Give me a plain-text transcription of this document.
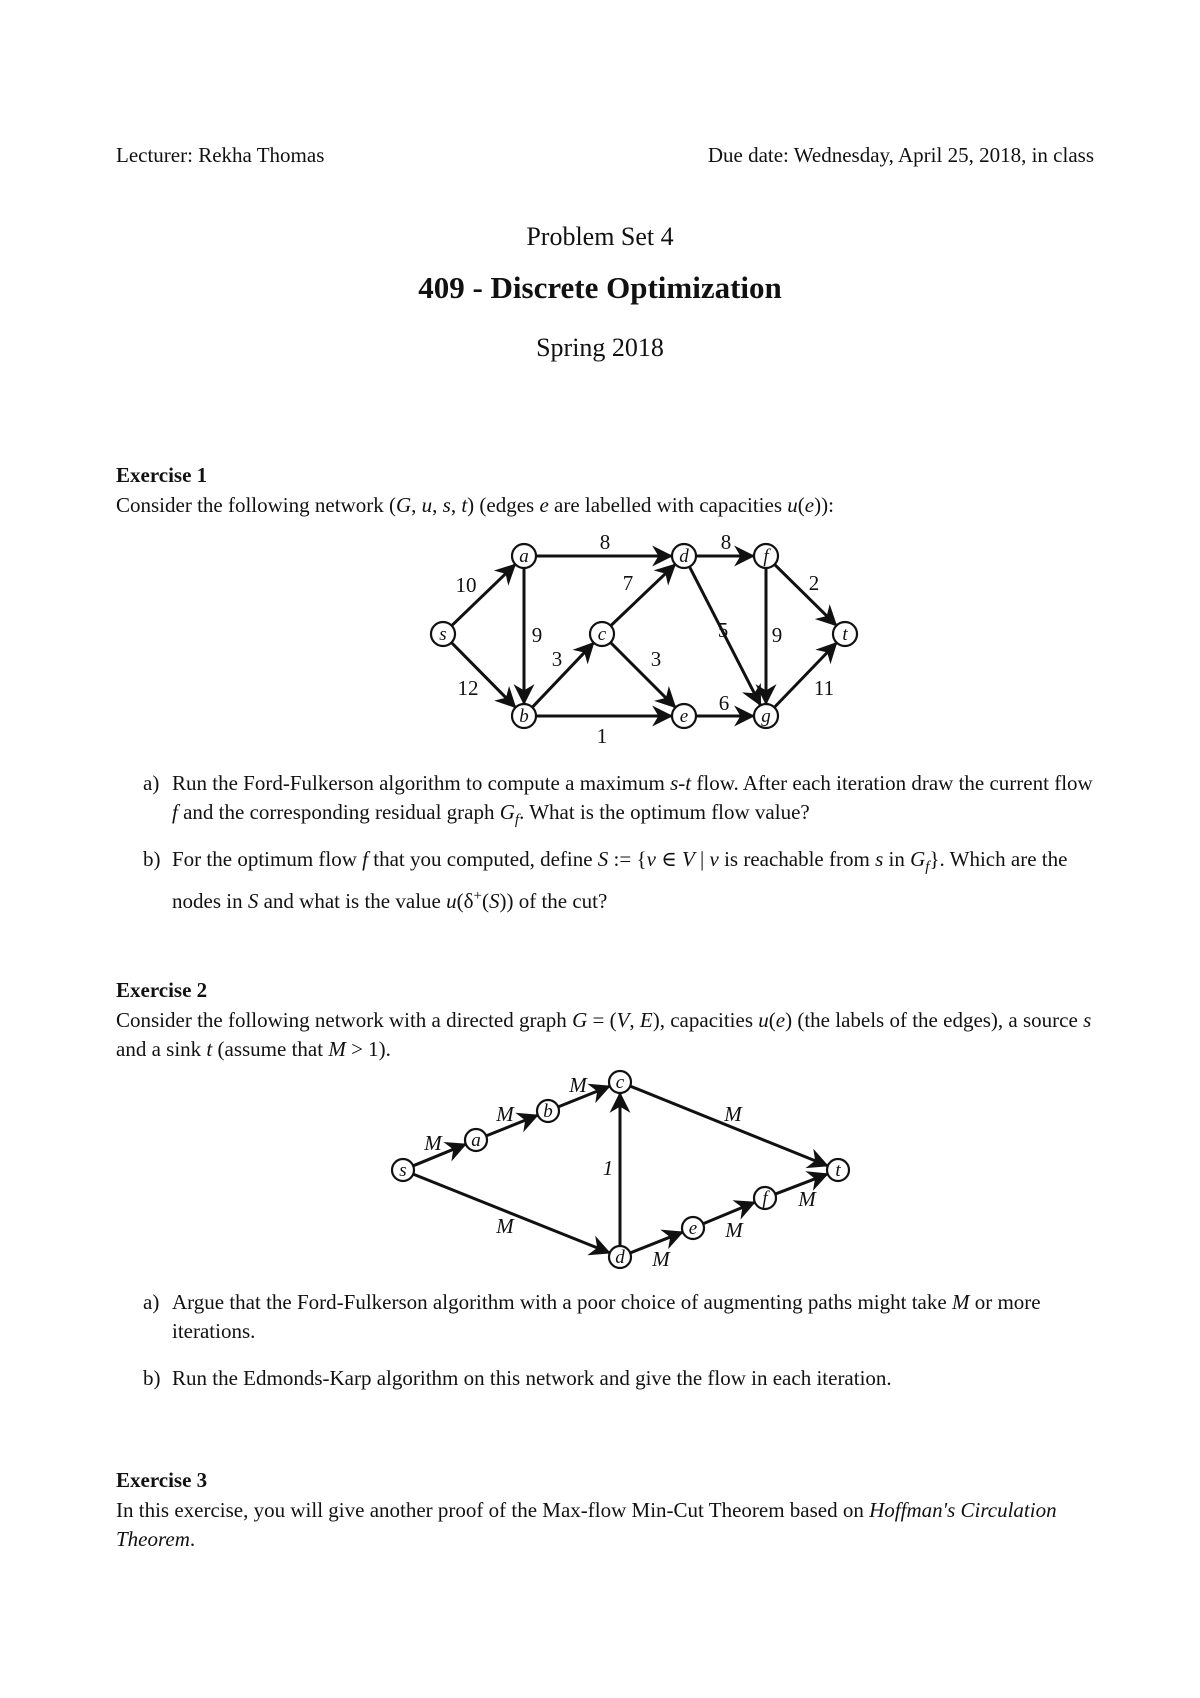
Lecturer: Rekha Thomas	Due date: Wednesday, April 25, 2018, in class
Problem Set 4
409 - Discrete Optimization
Spring 2018
Exercise 1
Consider the following network (G, u, s, t) (edges e are labelled with capacities u(e)):
10
12
9
8
3
1
7
3
8
5
6
2
9
11
s
a
b
c
d
e
f
g
t
M
M
M
M
M
1
M
M
M
s
a
b
c
d
e
f
t
a) Run the Ford-Fulkerson algorithm to compute a maximum s-t flow. After each iteration draw the current flow f and the corresponding residual graph $G_f$. What is the optimum flow value?
b) For the optimum flow f that you computed, define S := {v ∈ V | v is reachable from s in $G_f$}. Which are the nodes in S and what is the value u(δ+(S)) of the cut?
Exercise 2
Consider the following network with a directed graph G = (V, E), capacities u(e) (the labels of the edges), a source s and a sink t (assume that M > 1).
a) Argue that the Ford-Fulkerson algorithm with a poor choice of augmenting paths might take M or more iterations.
b) Run the Edmonds-Karp algorithm on this network and give the flow in each iteration.
Exercise 3
In this exercise, you will give another proof of the Max-flow Min-Cut Theorem based on Hoffman's Circulation Theorem.
